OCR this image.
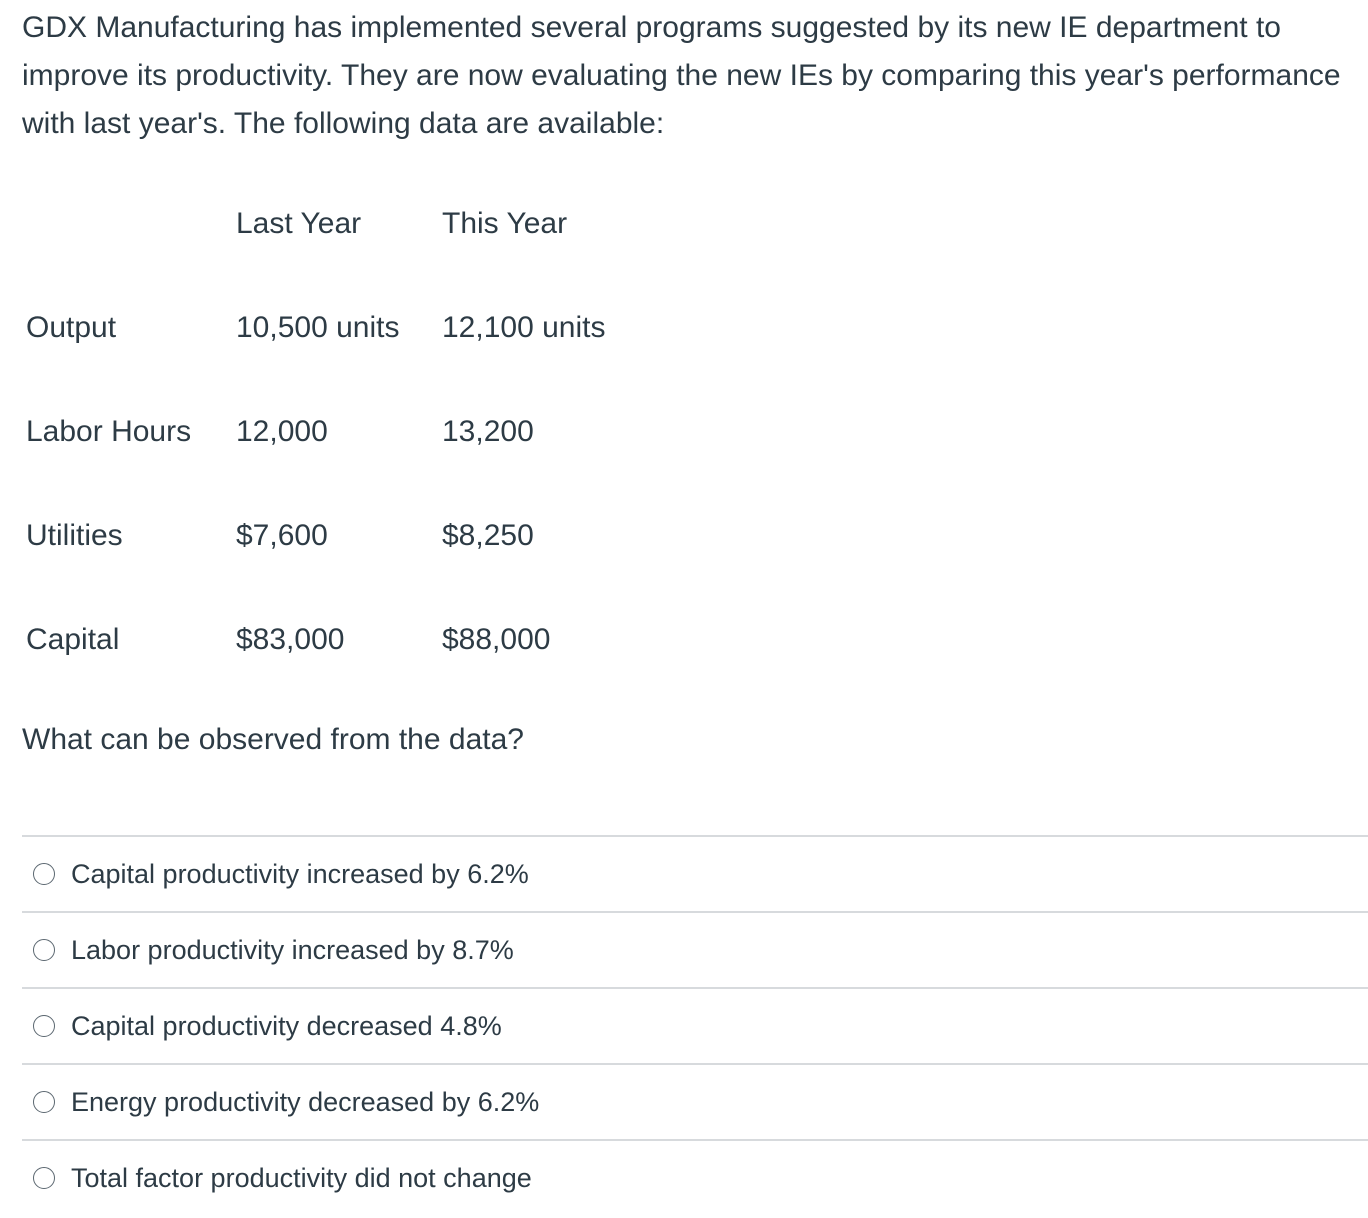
GDX Manufacturing has implemented several programs suggested by its new IE department to improve its productivity. They are now evaluating the new IEs by comparing this year's performance with last year's. The following data are available:
	Last Year	This Year
Output	10,500 units	12,100 units
Labor Hours	12,000	13,200
Utilities	$7,600	$8,250
Capital	$83,000	$88,000
What can be observed from the data?
Capital productivity increased by 6.2%
Labor productivity increased by 8.7%
Capital productivity decreased 4.8%
Energy productivity decreased by 6.2%
Total factor productivity did not change
